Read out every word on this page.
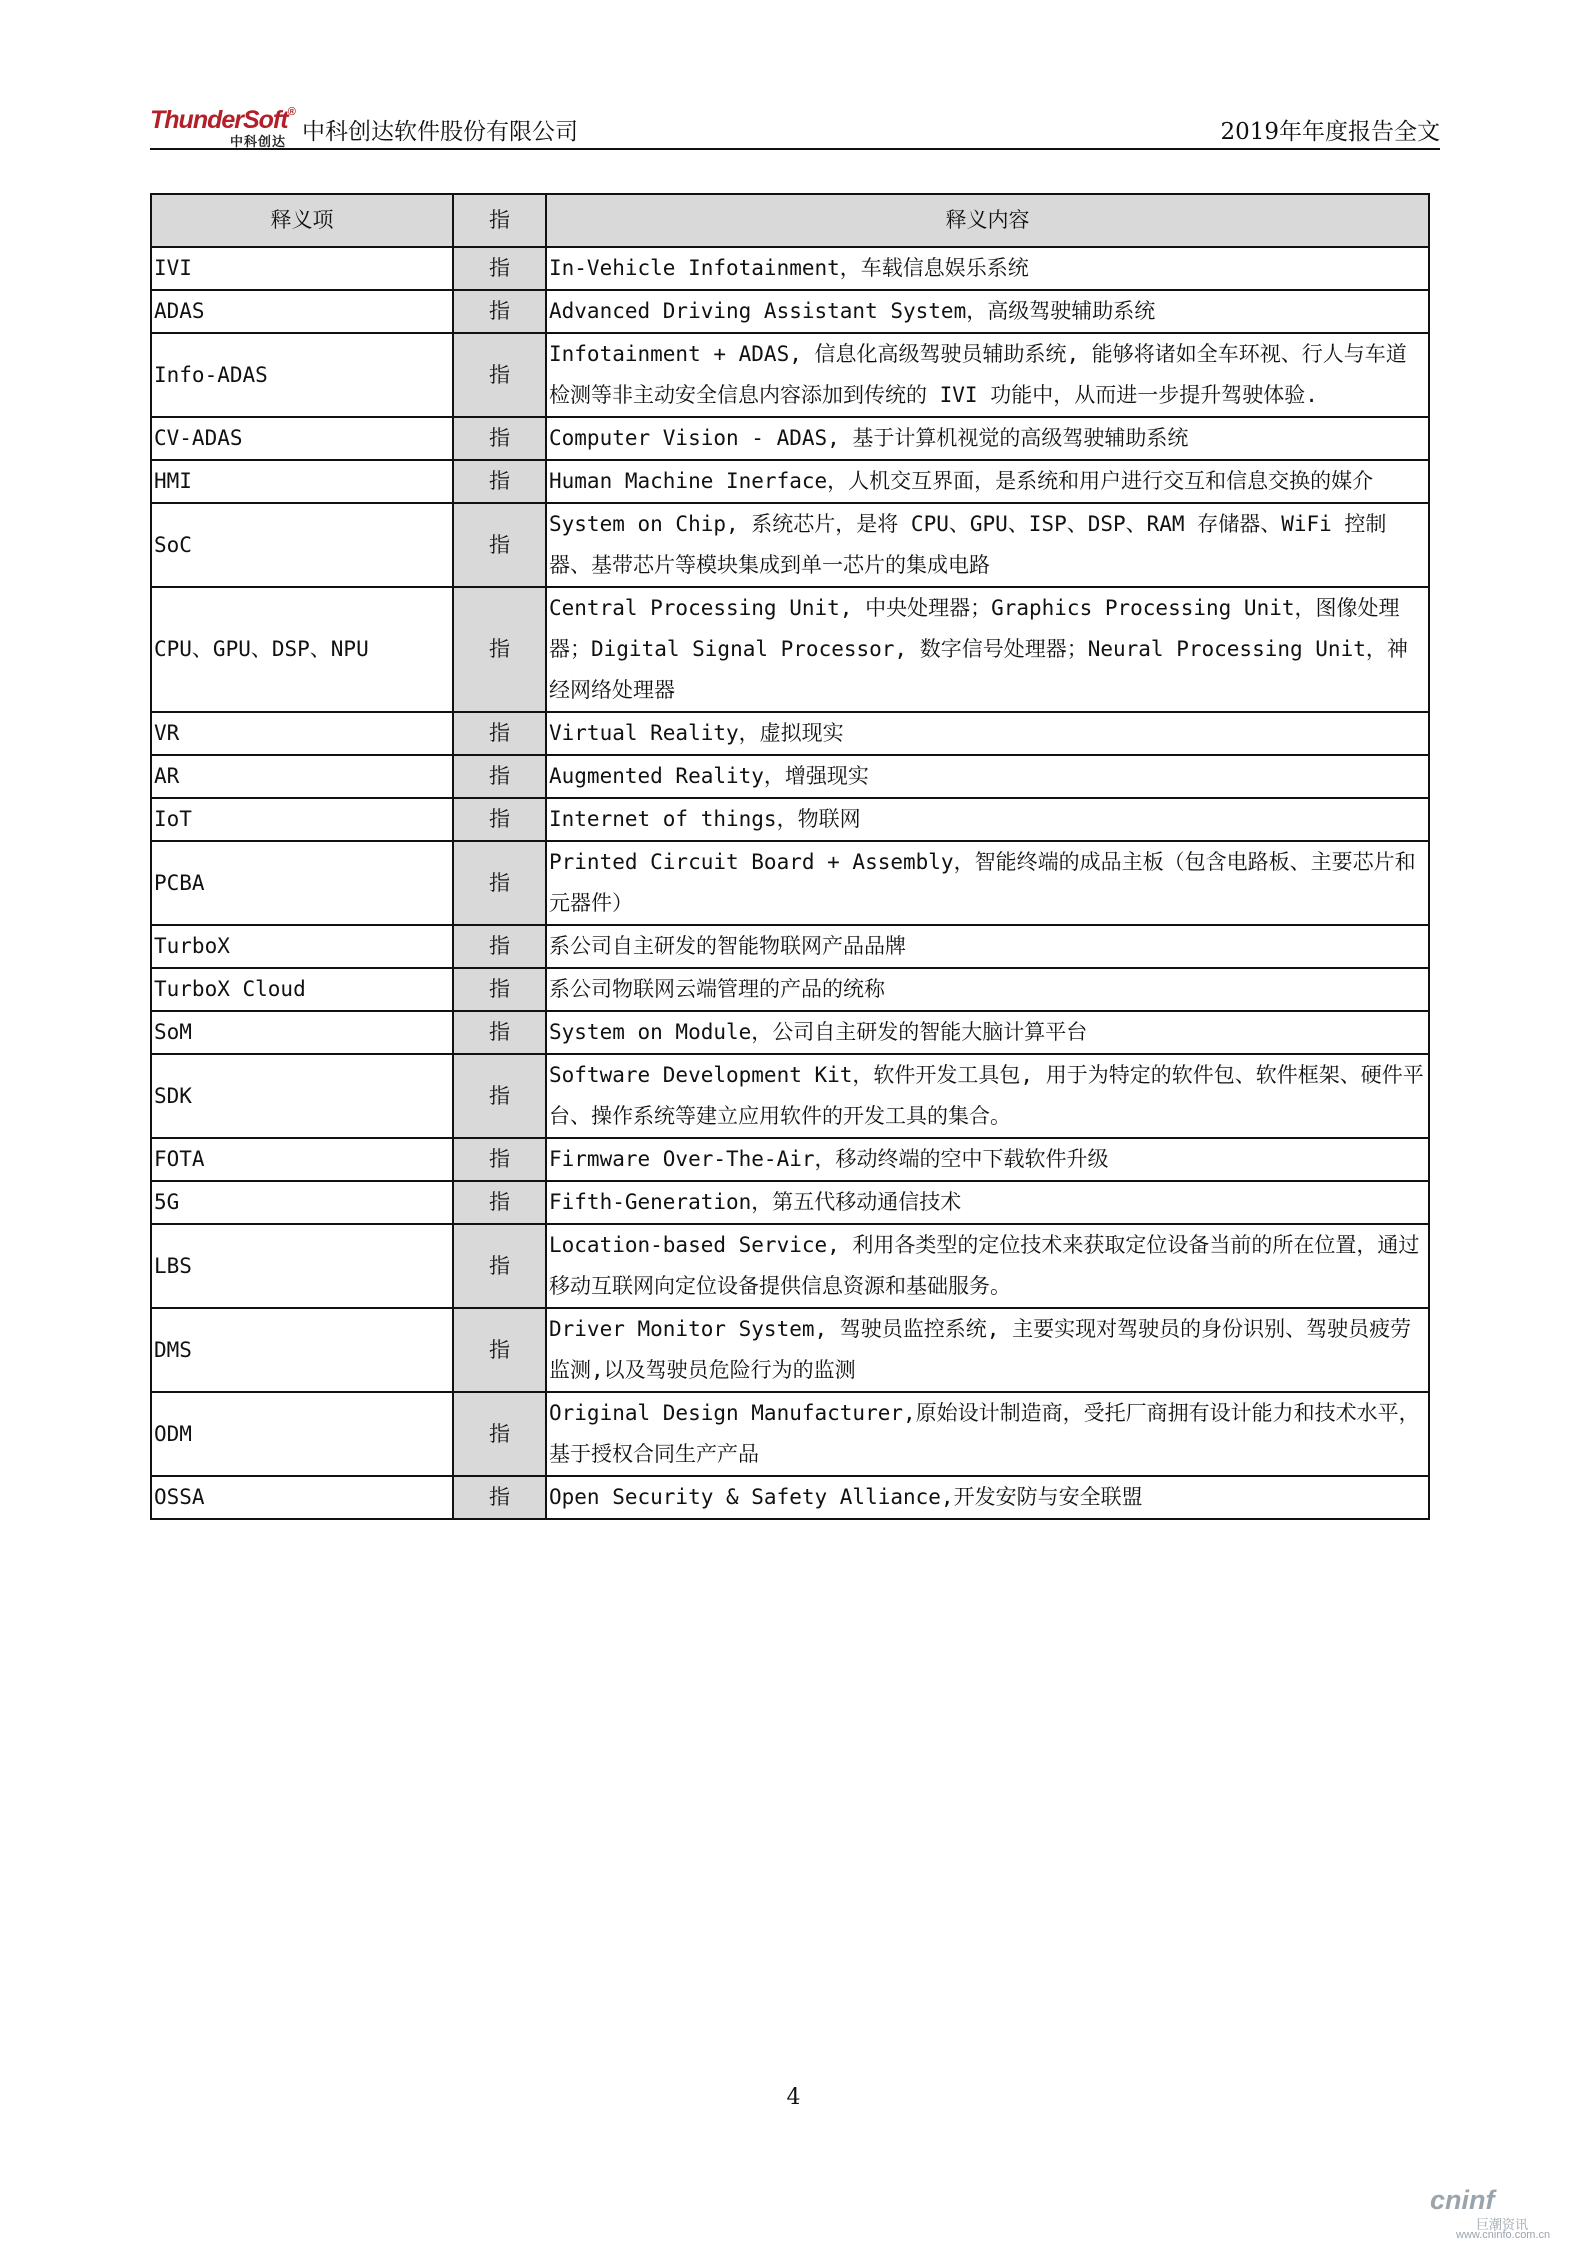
ThunderSoft®
中科创达 中科创达软件股份有限公司	2019年年度报告全文
释义项	指	释义内容
IVI	指	In-Vehicle Infotainment，车载信息娱乐系统
ADAS	指	Advanced Driving Assistant System，高级驾驶辅助系统
Info-ADAS	指	Infotainment + ADAS, 信息化高级驾驶员辅助系统, 能够将诸如全车环视、行人与车道检测等非主动安全信息内容添加到传统的 IVI 功能中，从而进一步提升驾驶体验.
CV-ADAS	指	Computer Vision - ADAS, 基于计算机视觉的高级驾驶辅助系统
HMI	指	Human Machine Inerface，人机交互界面，是系统和用户进行交互和信息交换的媒介
SoC	指	System on Chip, 系统芯片，是将 CPU、GPU、ISP、DSP、RAM 存储器、WiFi 控制器、基带芯片等模块集成到单一芯片的集成电路
CPU、GPU、DSP、NPU	指	Central Processing Unit, 中央处理器；Graphics Processing Unit，图像处理器；Digital Signal Processor, 数字信号处理器；Neural Processing Unit，神经网络处理器
VR	指	Virtual Reality，虚拟现实
AR	指	Augmented Reality，增强现实
IoT	指	Internet of things，物联网
PCBA	指	Printed Circuit Board + Assembly，智能终端的成品主板（包含电路板、主要芯片和元器件）
TurboX	指	系公司自主研发的智能物联网产品品牌
TurboX Cloud	指	系公司物联网云端管理的产品的统称
SoM	指	System on Module，公司自主研发的智能大脑计算平台
SDK	指	Software Development Kit，软件开发工具包, 用于为特定的软件包、软件框架、硬件平台、操作系统等建立应用软件的开发工具的集合。
FOTA	指	Firmware Over-The-Air，移动终端的空中下载软件升级
5G	指	Fifth-Generation，第五代移动通信技术
LBS	指	Location-based Service, 利用各类型的定位技术来获取定位设备当前的所在位置，通过移动互联网向定位设备提供信息资源和基础服务。
DMS	指	Driver Monitor System, 驾驶员监控系统, 主要实现对驾驶员的身份识别、驾驶员疲劳监测,以及驾驶员危险行为的监测
ODM	指	Original Design Manufacturer,原始设计制造商，受托厂商拥有设计能力和技术水平，基于授权合同生产产品
OSSA	指	Open Security & Safety Alliance,开发安防与安全联盟
4
cninf
巨潮资讯
www.cninfo.com.cn
